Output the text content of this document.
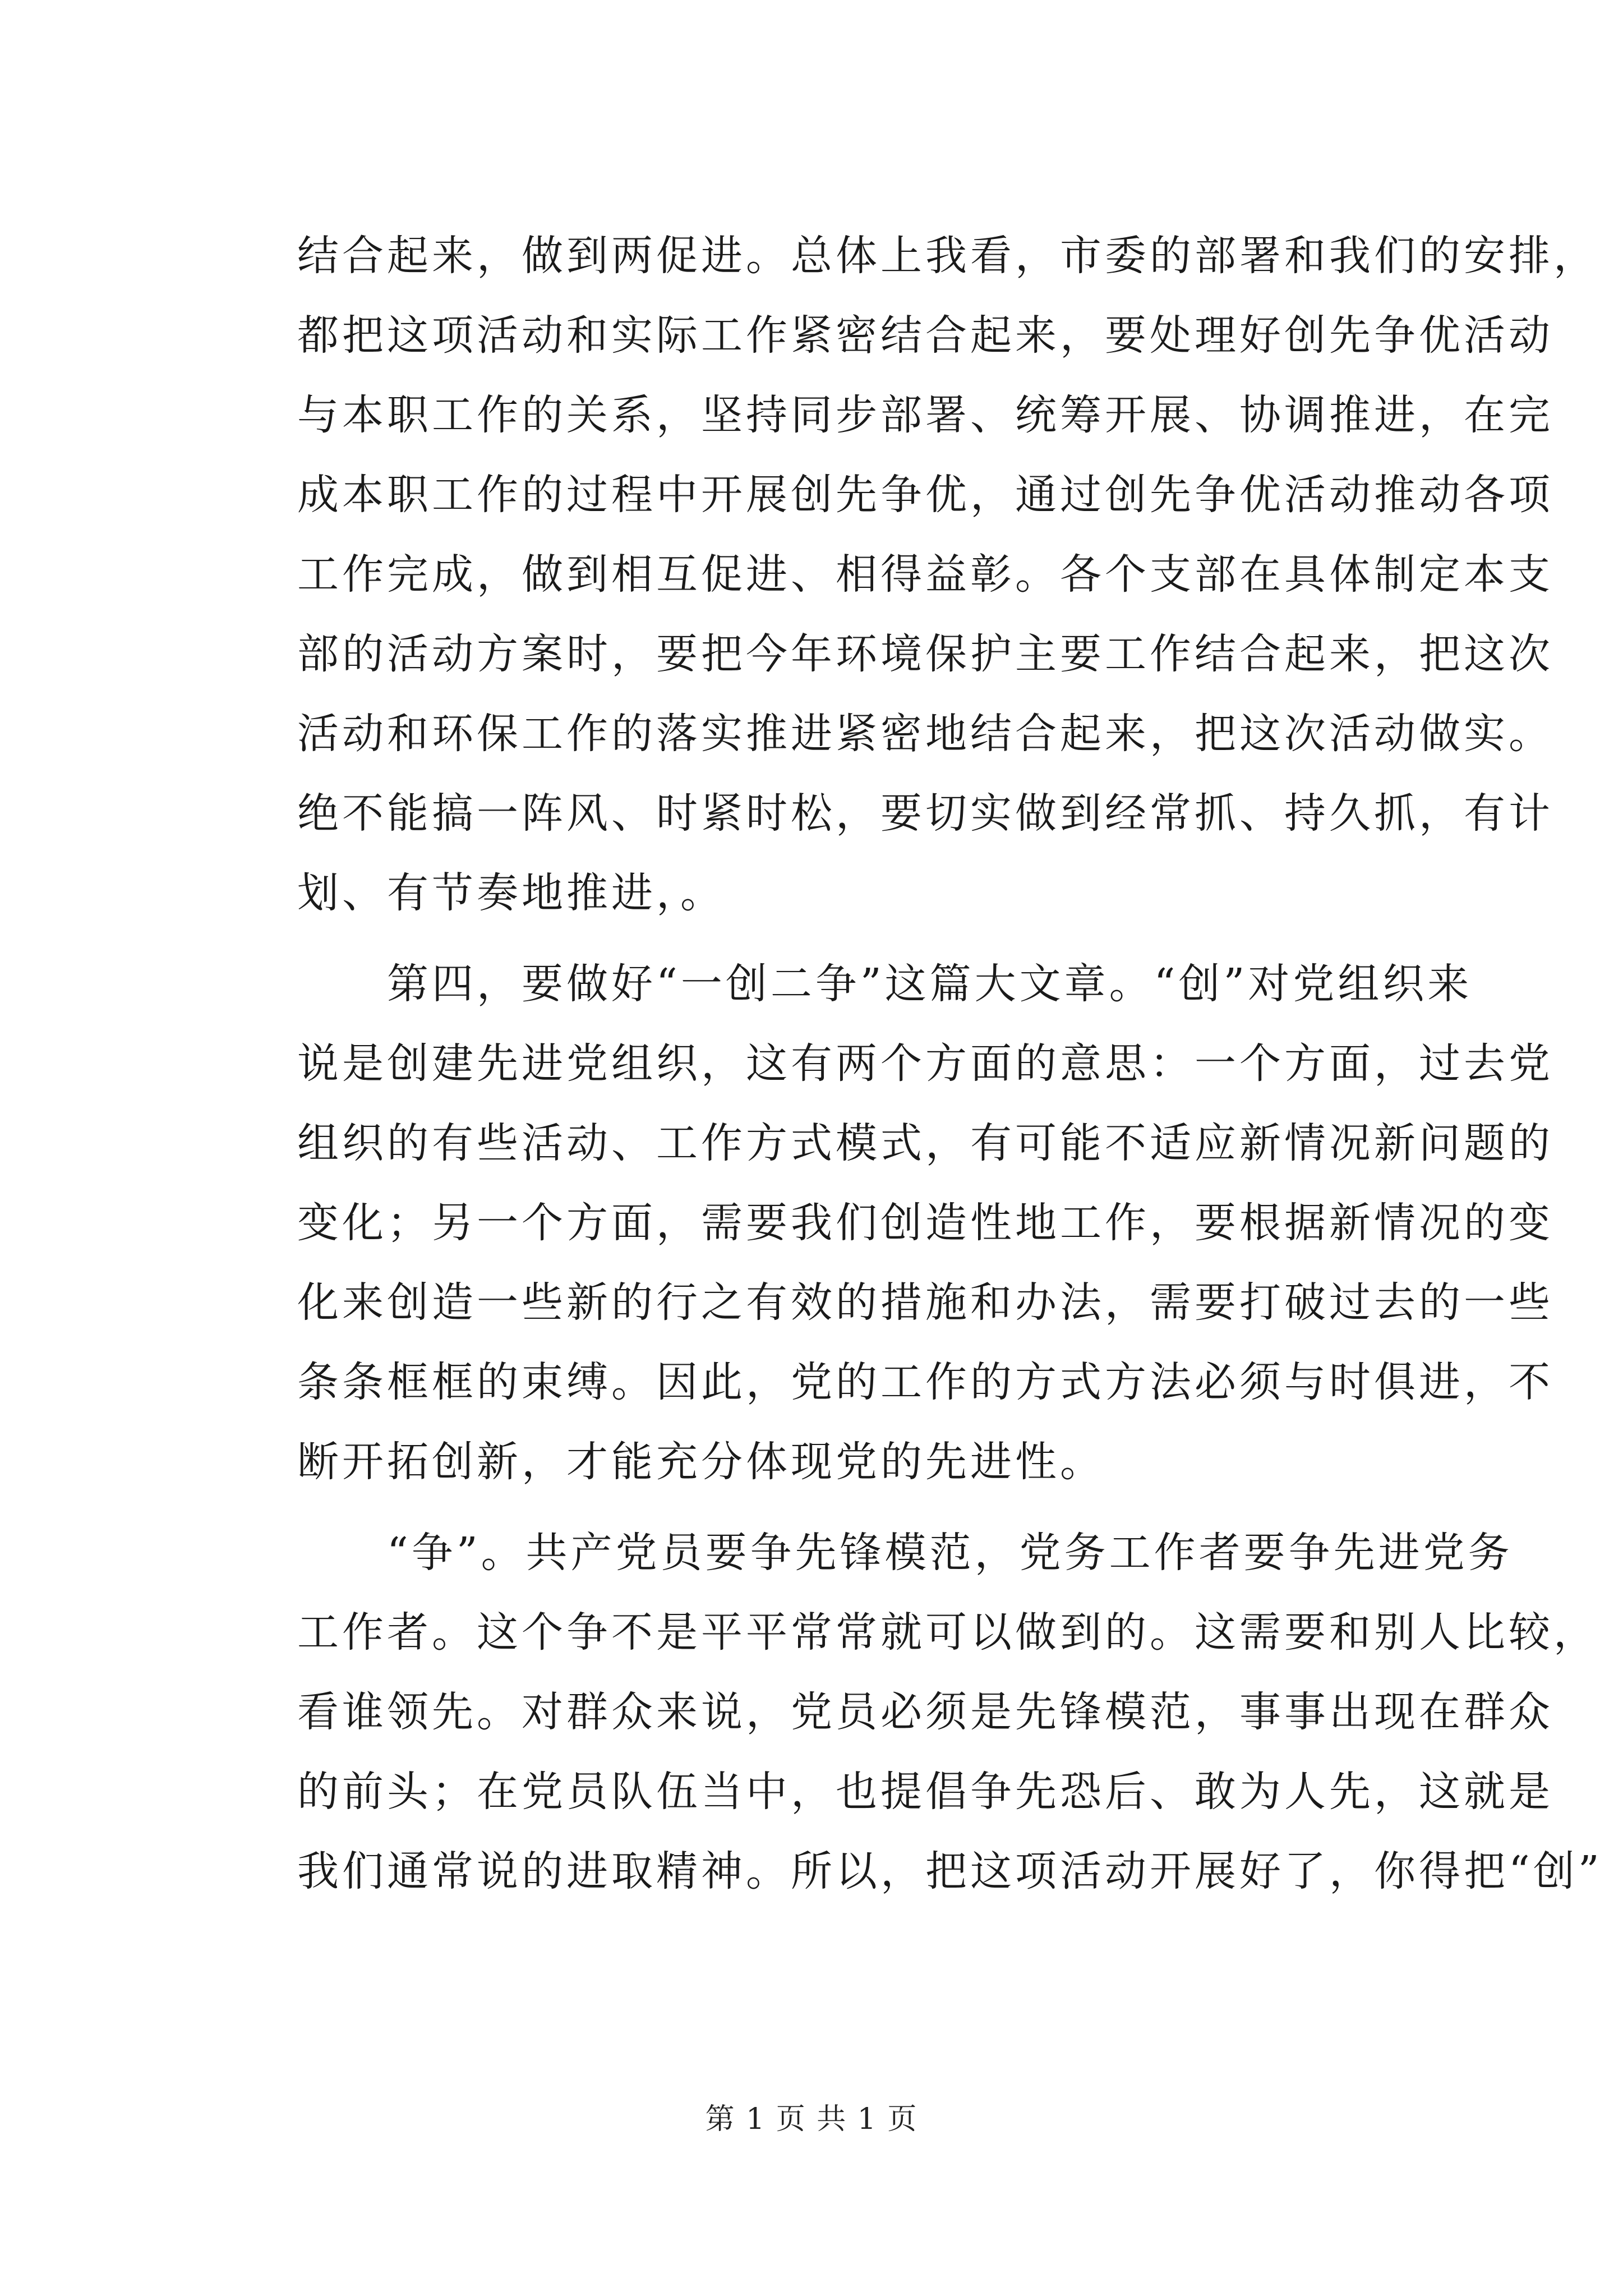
结合起来，做到两促进。总体上我看，市委的部署和我们的安排，
都把这项活动和实际工作紧密结合起来，要处理好创先争优活动
与本职工作的关系，坚持同步部署、统筹开展、协调推进，在完
成本职工作的过程中开展创先争优，通过创先争优活动推动各项
工作完成，做到相互促进、相得益彰。各个支部在具体制定本支
部的活动方案时，要把今年环境保护主要工作结合起来，把这次
活动和环保工作的落实推进紧密地结合起来，把这次活动做实。
绝不能搞一阵风、时紧时松，要切实做到经常抓、持久抓，有计
划、有节奏地推进，。
　　第四，要做好“一创二争”这篇大文章。“创”对党组织来
说是创建先进党组织，这有两个方面的意思：一个方面，过去党
组织的有些活动、工作方式模式，有可能不适应新情况新问题的
变化；另一个方面，需要我们创造性地工作，要根据新情况的变
化来创造一些新的行之有效的措施和办法，需要打破过去的一些
条条框框的束缚。因此，党的工作的方式方法必须与时俱进，不
断开拓创新，才能充分体现党的先进性。
　　“争”。共产党员要争先锋模范，党务工作者要争先进党务
工作者。这个争不是平平常常就可以做到的。这需要和别人比较，
看谁领先。对群众来说，党员必须是先锋模范，事事出现在群众
的前头；在党员队伍当中，也提倡争先恐后、敢为人先，这就是
我们通常说的进取精神。所以，把这项活动开展好了，你得把“创”
第 1 页 共 1 页
